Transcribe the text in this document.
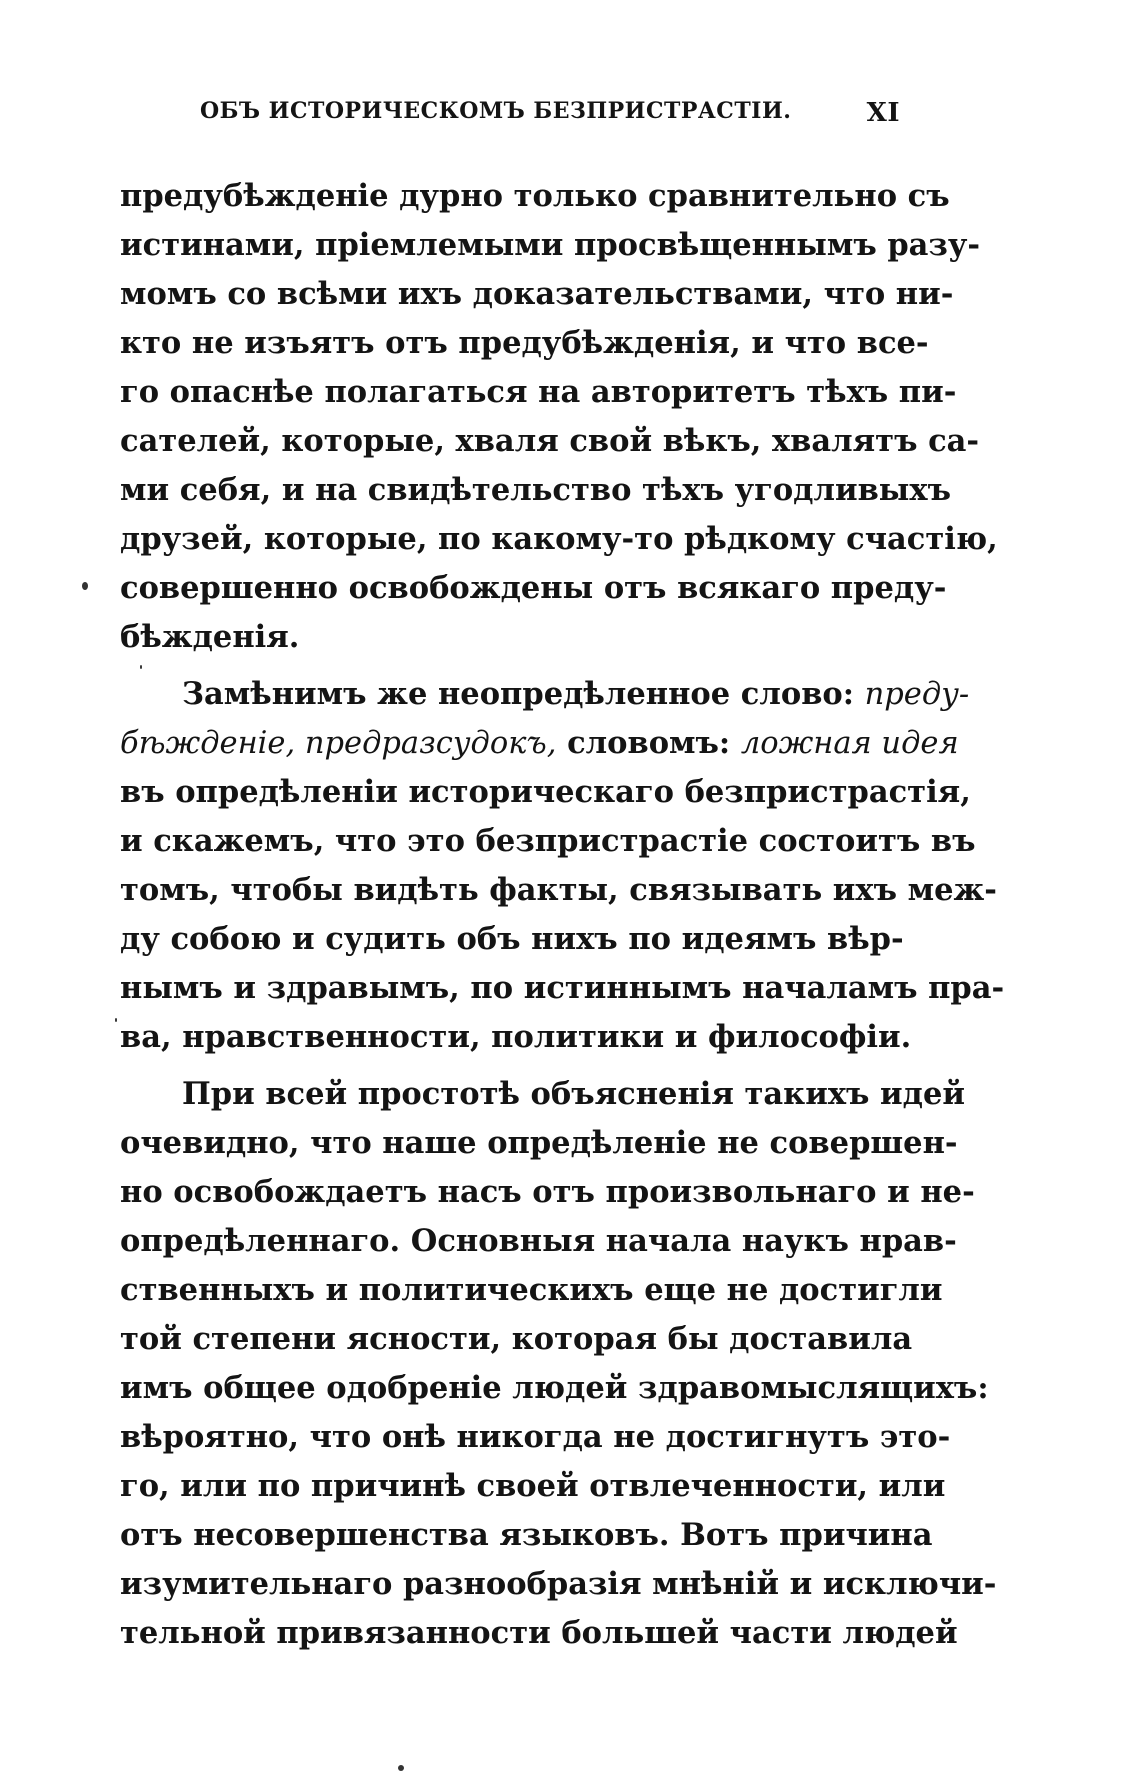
ОБЪ ИСТОРИЧЕСКОМЪ БЕЗПРИСТРАСТІИ.	XI
предубѣжденіе дурно только сравнительно съ
истинами, пріемлемыми просвѣщеннымъ разу-
момъ со всѣми ихъ доказательствами, что ни-
кто не изъятъ отъ предубѣжденія, и что все-
го опаснѣе полагаться на авторитетъ тѣхъ пи-
сателей, которые, хваля свой вѣкъ, хвалятъ са-
ми себя, и на свидѣтельство тѣхъ угодливыхъ
друзей, которые, по какому-то рѣдкому счастію,
совершенно освобождены отъ всякаго преду-
бѣжденія.
Замѣнимъ же неопредѣленное слово: преду-
бѣжденіе, предразсудокъ, словомъ: ложная идея
въ опредѣленіи историческаго безпристрастія,
и скажемъ, что это безпристрастіе состоитъ въ
томъ, чтобы видѣть факты, связывать ихъ меж-
ду собою и судить объ нихъ по идеямъ вѣр-
нымъ и здравымъ, по истиннымъ началамъ пра-
ва, нравственности, политики и философіи.
При всей простотѣ объясненія такихъ идей
очевидно, что наше опредѣленіе не совершен-
но освобождаетъ насъ отъ произвольнаго и не-
опредѣленнаго. Основныя начала наукъ нрав-
ственныхъ и политическихъ еще не достигли
той степени ясности, которая бы доставила
имъ общее одобреніе людей здравомыслящихъ:
вѣроятно, что онѣ никогда не достигнутъ это-
го, или по причинѣ своей отвлеченности, или
отъ несовершенства языковъ. Вотъ причина
изумительнаго разнообразія мнѣній и исключи-
тельной привязанности большей части людей
